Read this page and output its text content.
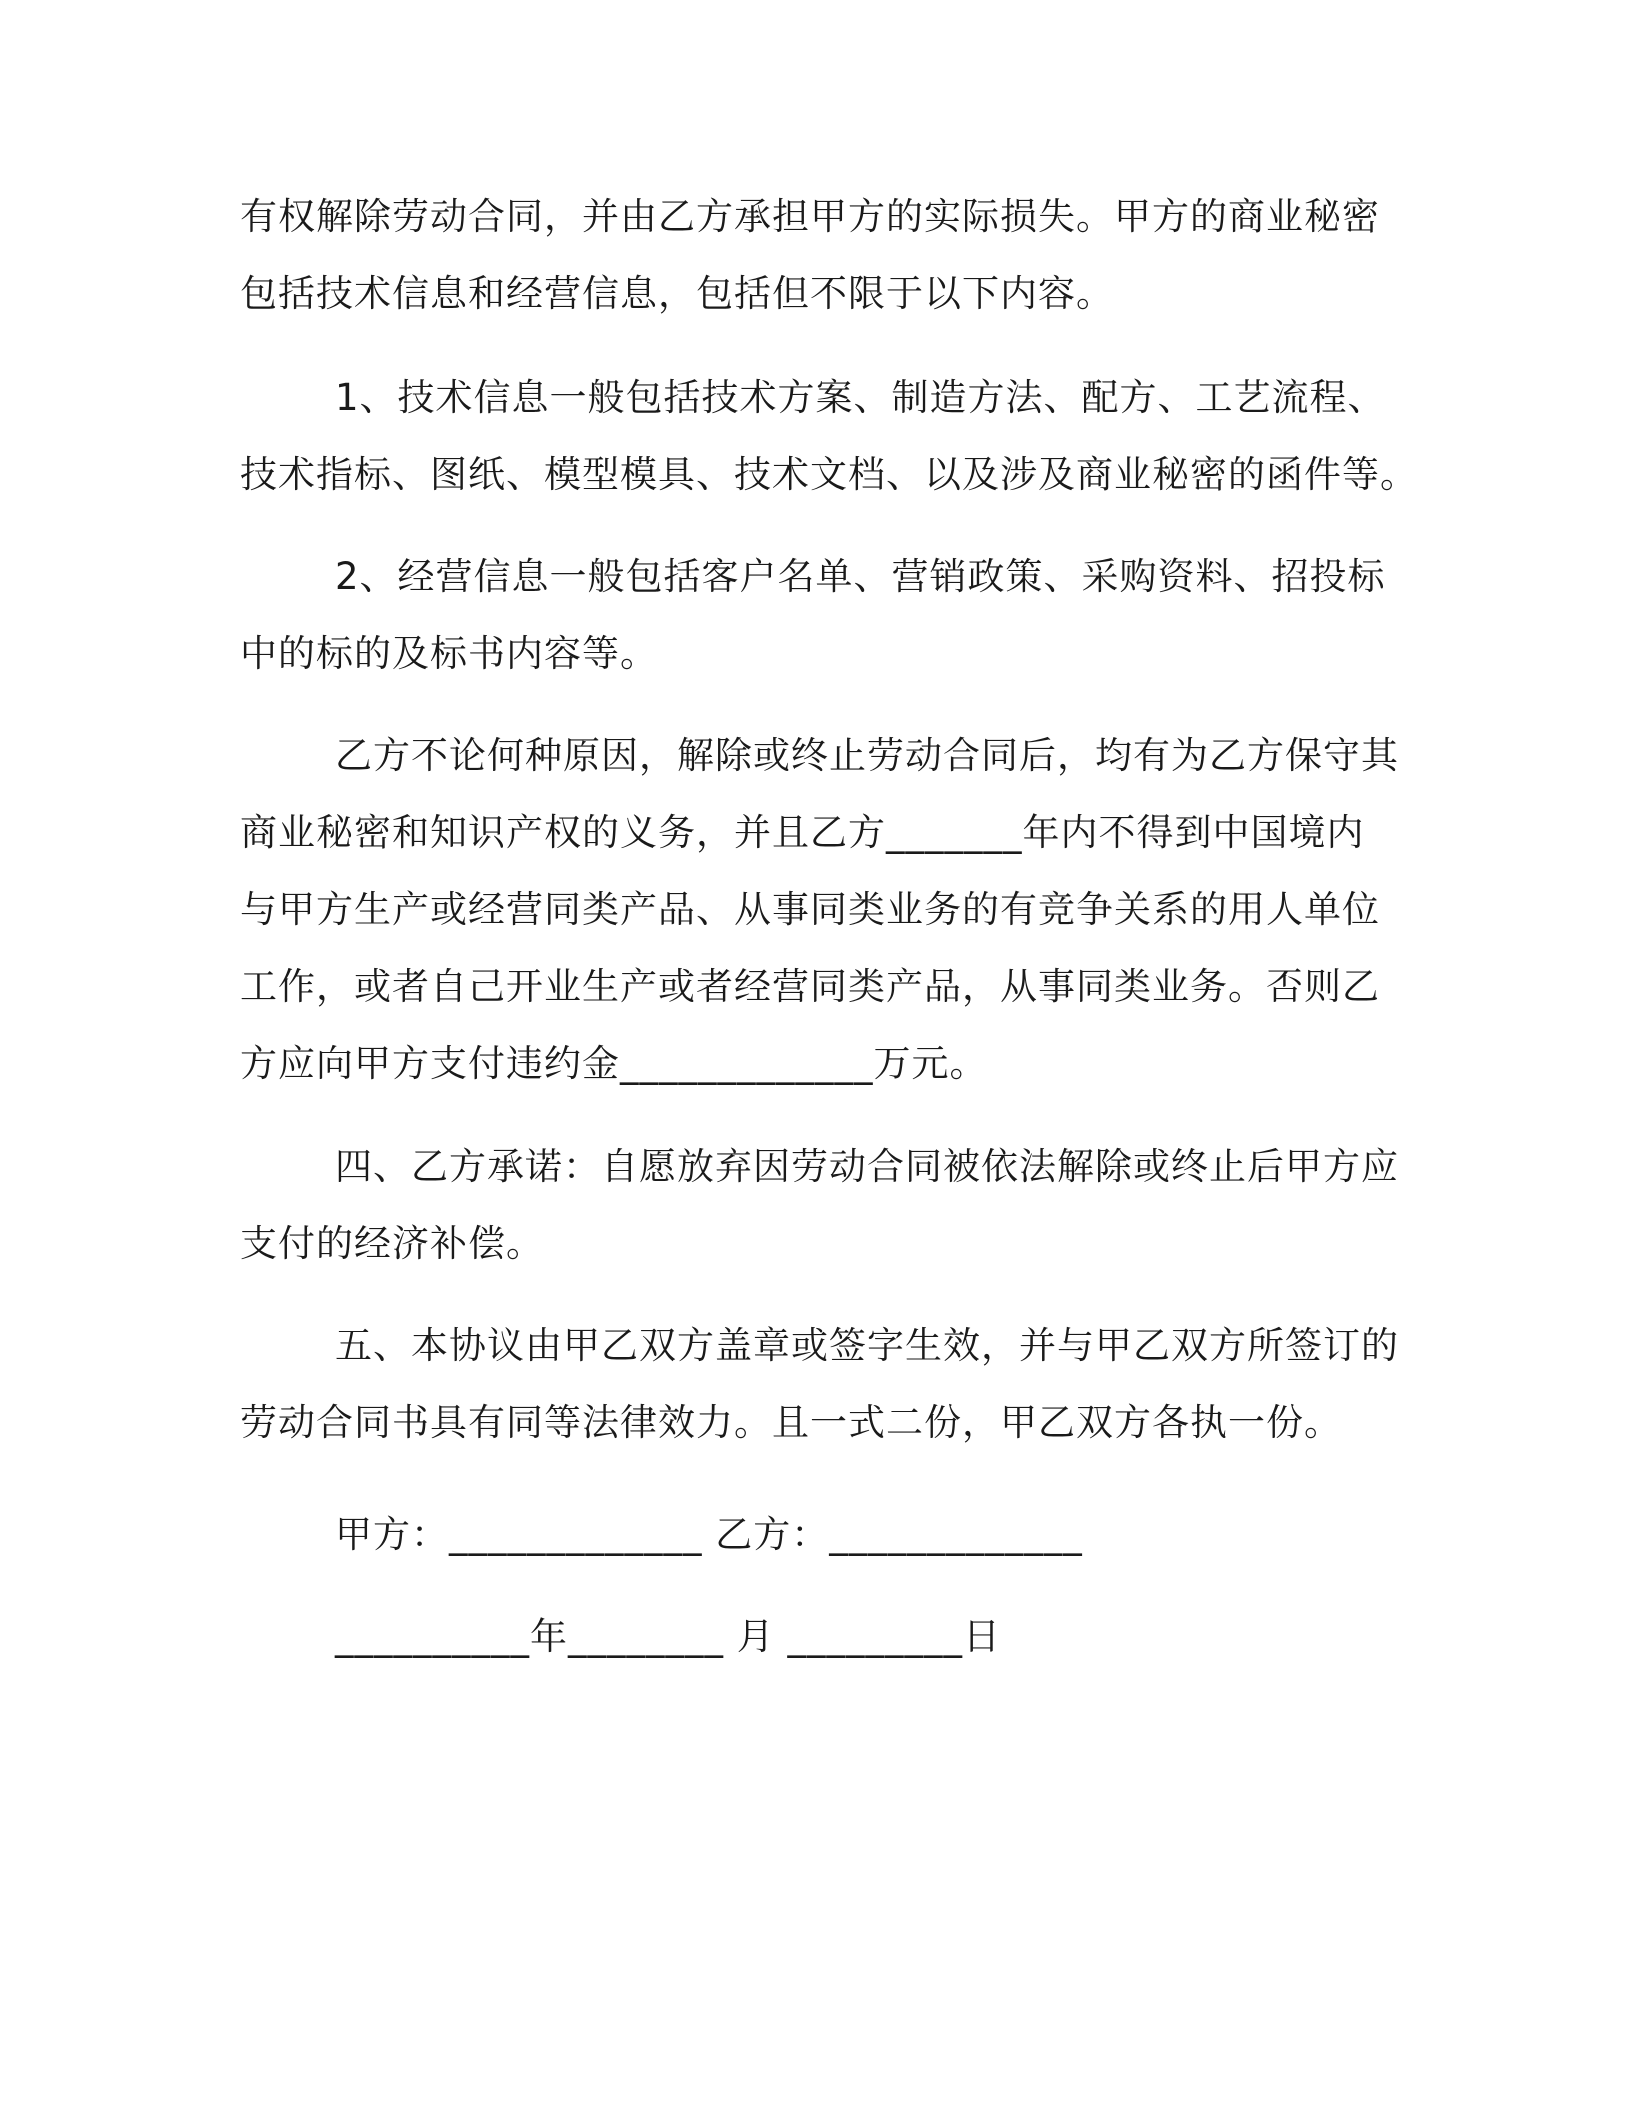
有权解除劳动合同，并由乙方承担甲方的实际损失。甲方的商业秘密
包括技术信息和经营信息，包括但不限于以下内容。
1、技术信息一般包括技术方案、制造方法、配方、工艺流程、
技术指标、图纸、模型模具、技术文档、以及涉及商业秘密的函件等。
2、经营信息一般包括客户名单、营销政策、采购资料、招投标
中的标的及标书内容等。
乙方不论何种原因，解除或终止劳动合同后，均有为乙方保守其
商业秘密和知识产权的义务，并且乙方_______年内不得到中国境内
与甲方生产或经营同类产品、从事同类业务的有竞争关系的用人单位
工作，或者自己开业生产或者经营同类产品，从事同类业务。否则乙
方应向甲方支付违约金_____________万元。
四、乙方承诺：自愿放弃因劳动合同被依法解除或终止后甲方应
支付的经济补偿。
五、本协议由甲乙双方盖章或签字生效，并与甲乙双方所签订的
劳动合同书具有同等法律效力。且一式二份，甲乙双方各执一份。
甲方：_____________ 乙方：_____________
__________年________ 月 _________日
